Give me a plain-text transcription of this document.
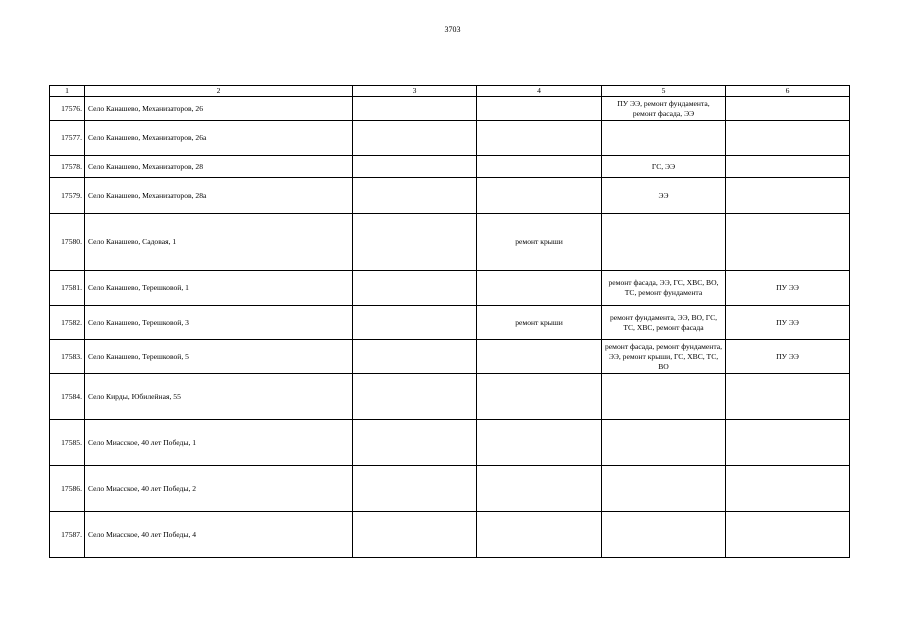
3703
1	2	3	4	5	6
17576.	Село Канашево, Механизаторов, 26			ПУ ЭЭ, ремонт фундамента, ремонт фасада, ЭЭ	
17577.	Село Канашево, Механизаторов, 26а				
17578.	Село Канашево, Механизаторов, 28			ГС, ЭЭ	
17579.	Село Канашево, Механизаторов, 28а			ЭЭ	
17580.	Село Канашево, Садовая, 1		ремонт крыши		
17581.	Село Канашево, Терешковой, 1			ремонт фасада, ЭЭ, ГС, ХВС, ВО, ТС, ремонт фундамента	ПУ ЭЭ
17582.	Село Канашево, Терешковой, 3		ремонт крыши	ремонт фундамента, ЭЭ, ВО, ГС, ТС, ХВС, ремонт фасада	ПУ ЭЭ
17583.	Село Канашево, Терешковой, 5			ремонт фасада, ремонт фундамента, ЭЭ, ремонт крыши, ГС, ХВС, ТС, ВО	ПУ ЭЭ
17584.	Село Кирды, Юбилейная, 55				
17585.	Село Миасское, 40 лет Победы, 1				
17586.	Село Миасское, 40 лет Победы, 2				
17587.	Село Миасское, 40 лет Победы, 4				
